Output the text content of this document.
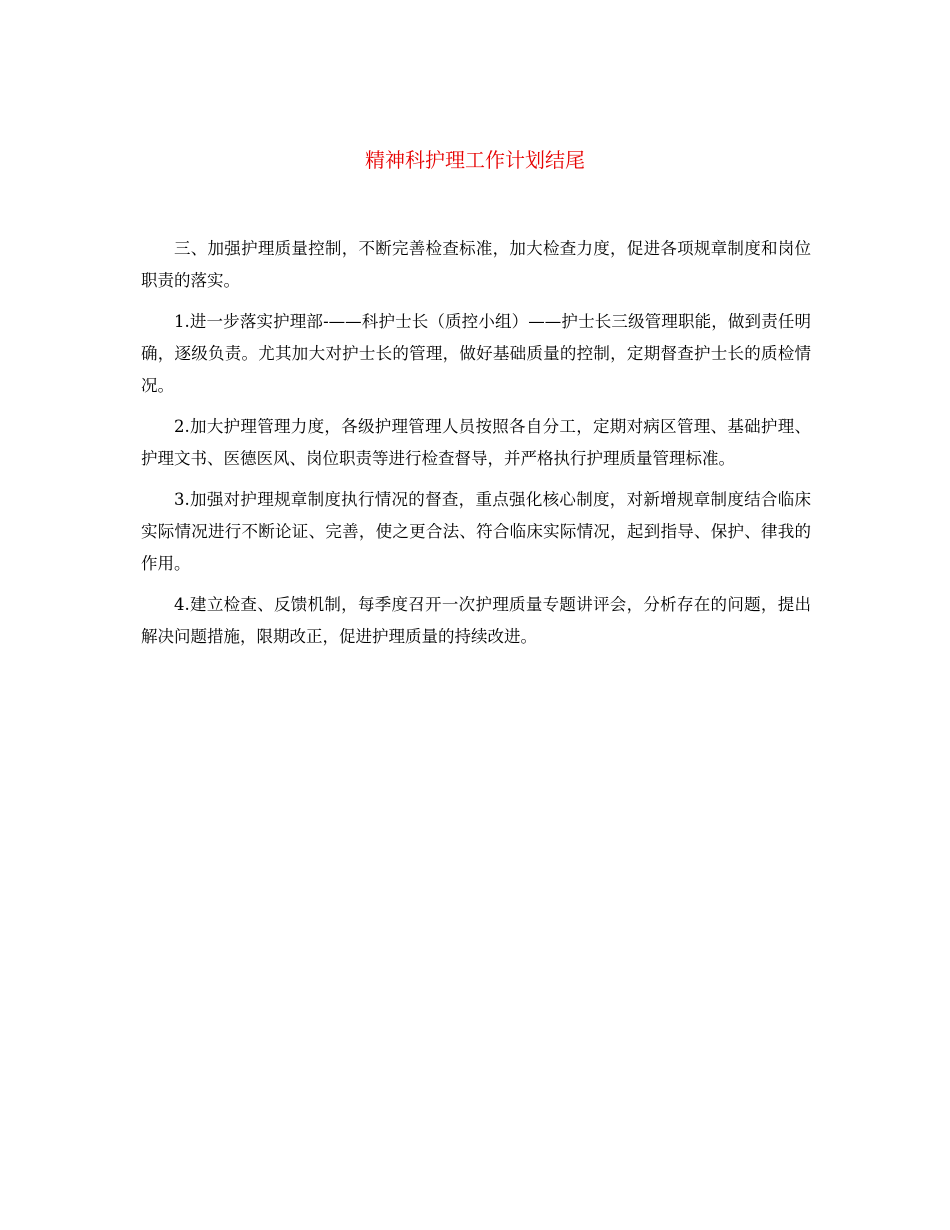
精神科护理工作计划结尾

三、加强护理质量控制，不断完善检查标准，加大检查力度，促进各项规章制度和岗位职责的落实。

1.进一步落实护理部-——科护士长（质控小组）——护士长三级管理职能，做到责任明确，逐级负责。尤其加大对护士长的管理，做好基础质量的控制，定期督查护士长的质检情况。

2.加大护理管理力度，各级护理管理人员按照各自分工，定期对病区管理、基础护理、护理文书、医德医风、岗位职责等进行检查督导，并严格执行护理质量管理标准。

3.加强对护理规章制度执行情况的督查，重点强化核心制度，对新增规章制度结合临床实际情况进行不断论证、完善，使之更合法、符合临床实际情况，起到指导、保护、律我的作用。

4.建立检查、反馈机制，每季度召开一次护理质量专题讲评会，分析存在的问题，提出解决问题措施，限期改正，促进护理质量的持续改进。
